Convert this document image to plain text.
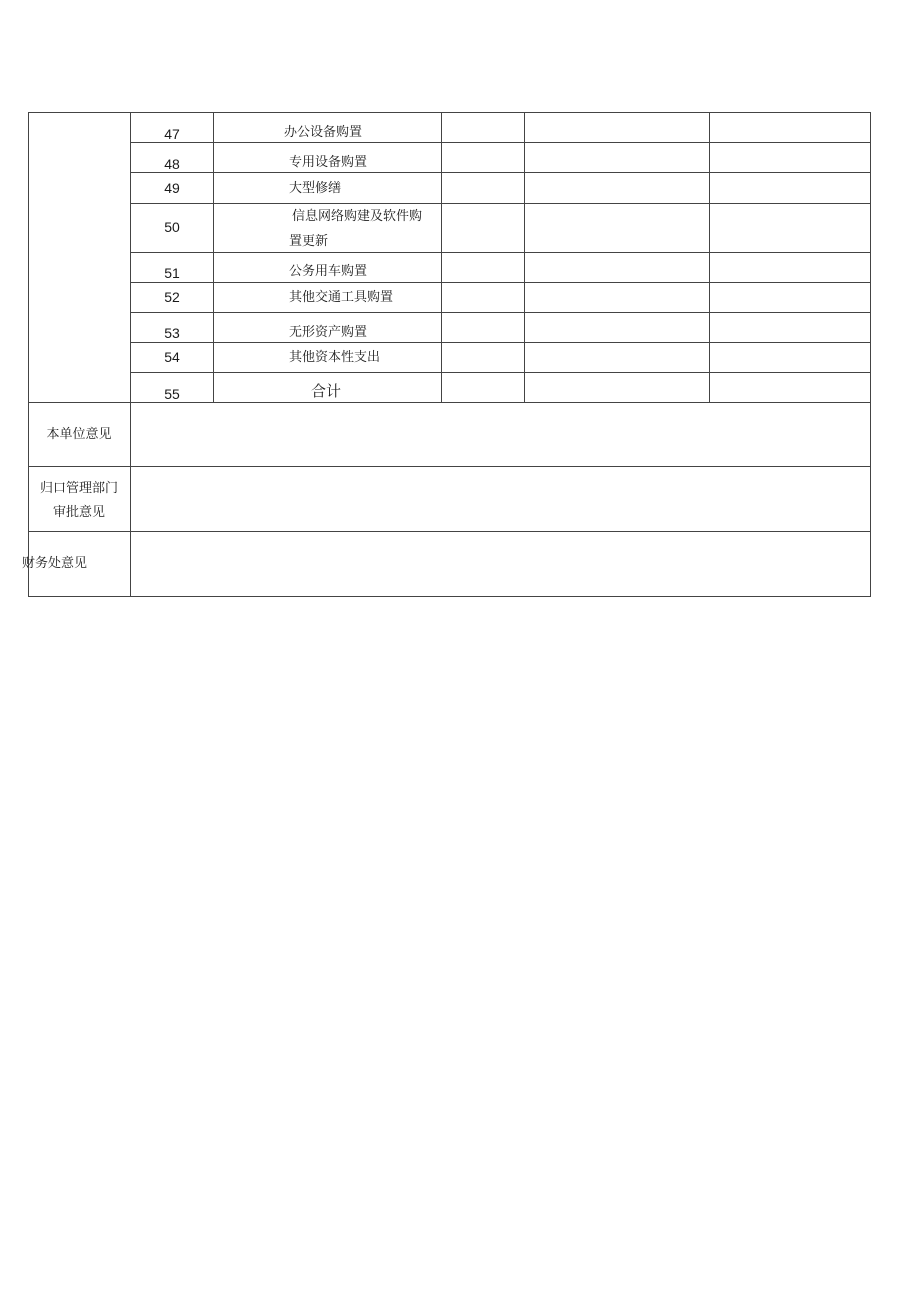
47
48
49
50
51
52
53
54
55
办公设备购置
专用设备购置
大型修缮
信息网络购建及软件购
置更新
公务用车购置
其他交通工具购置
无形资产购置
其他资本性支出
合计
本单位意见
归口管理部门
审批意见
财务处意见
